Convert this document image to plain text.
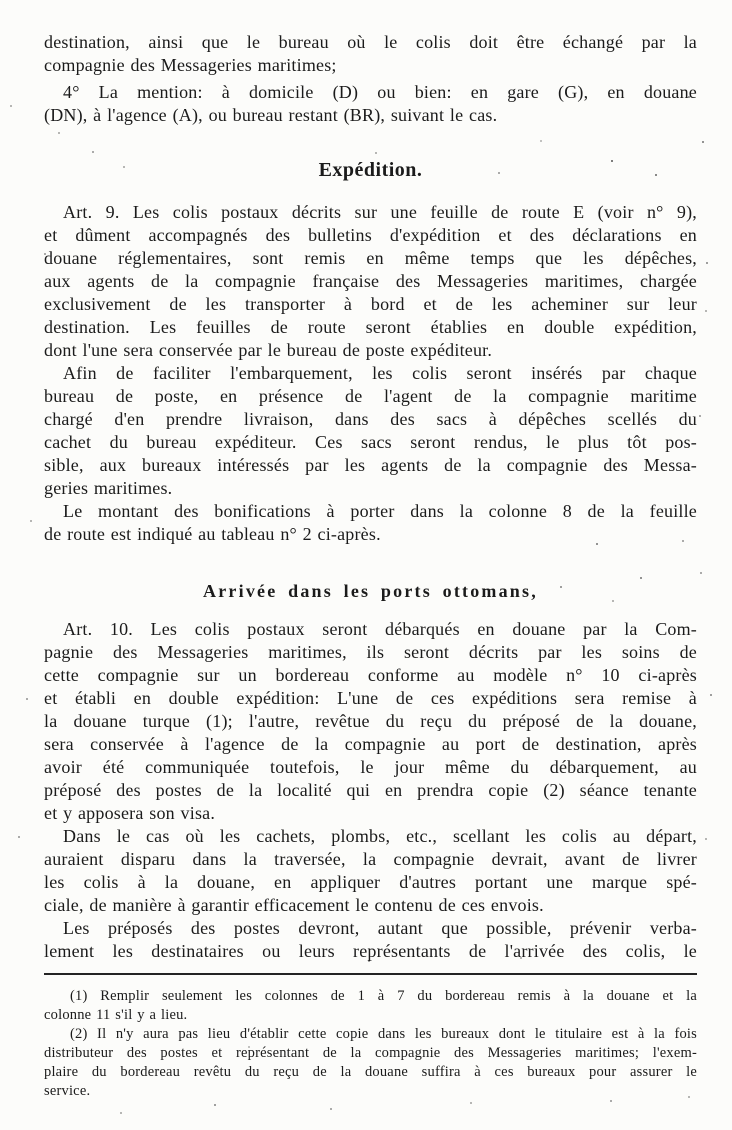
destination, ainsi que le bureau où le colis doit être échangé par la
compagnie des Messageries maritimes;
4° La mention: à domicile (D) ou bien: en gare (G), en douane
(DN), à l'agence (A), ou bureau restant (BR), suivant le cas.
Expédition.
Art. 9. Les colis postaux décrits sur une feuille de route E (voir n° 9),
et dûment accompagnés des bulletins d'expédition et des déclarations en
douane réglementaires, sont remis en même temps que les dépêches,
aux agents de la compagnie française des Messageries maritimes, chargée
exclusivement de les transporter à bord et de les acheminer sur leur
destination. Les feuilles de route seront établies en double expédition,
dont l'une sera conservée par le bureau de poste expéditeur.
Afin de faciliter l'embarquement, les colis seront insérés par chaque
bureau de poste, en présence de l'agent de la compagnie maritime
chargé d'en prendre livraison, dans des sacs à dépêches scellés du
cachet du bureau expéditeur. Ces sacs seront rendus, le plus tôt pos-
sible, aux bureaux intéressés par les agents de la compagnie des Messa-
geries maritimes.
Le montant des bonifications à porter dans la colonne 8 de la feuille
de route est indiqué au tableau n° 2 ci-après.
Arrivée dans les ports ottomans,
Art. 10. Les colis postaux seront débarqués en douane par la Com-
pagnie des Messageries maritimes, ils seront décrits par les soins de
cette compagnie sur un bordereau conforme au modèle n° 10 ci-après
et établi en double expédition: L'une de ces expéditions sera remise à
la douane turque (1); l'autre, revêtue du reçu du préposé de la douane,
sera conservée à l'agence de la compagnie au port de destination, après
avoir été communiquée toutefois, le jour même du débarquement, au
préposé des postes de la localité qui en prendra copie (2) séance tenante
et y apposera son visa.
Dans le cas où les cachets, plombs, etc., scellant les colis au départ,
auraient disparu dans la traversée, la compagnie devrait, avant de livrer
les colis à la douane, en appliquer d'autres portant une marque spé-
ciale, de manière à garantir efficacement le contenu de ces envois.
Les préposés des postes devront, autant que possible, prévenir verba-
lement les destinataires ou leurs représentants de l'arrivée des colis, le
(1) Remplir seulement les colonnes de 1 à 7 du bordereau remis à la douane et la
colonne 11 s'il y a lieu.
(2) Il n'y aura pas lieu d'établir cette copie dans les bureaux dont le titulaire est à la fois
distributeur des postes et représentant de la compagnie des Messageries maritimes; l'exem-
plaire du bordereau revêtu du reçu de la douane suffira à ces bureaux pour assurer le
service.
